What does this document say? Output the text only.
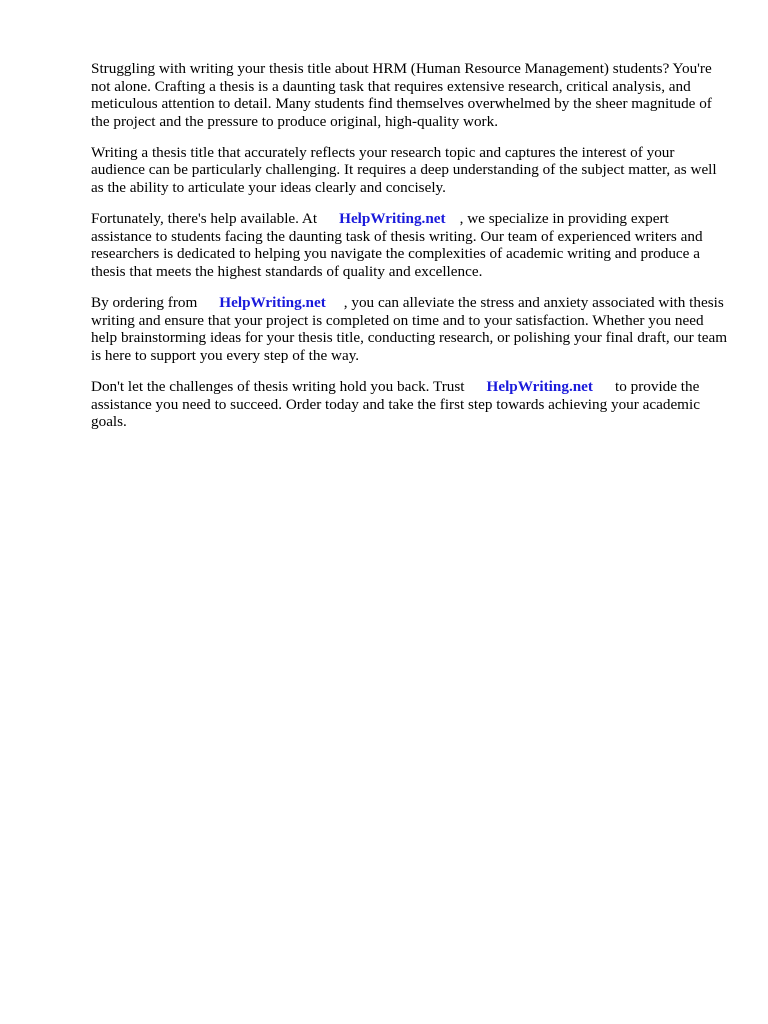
Struggling with writing your thesis title about HRM (Human Resource Management) students? You're not alone. Crafting a thesis is a daunting task that requires extensive research, critical analysis, and meticulous attention to detail. Many students find themselves overwhelmed by the sheer magnitude of the project and the pressure to produce original, high-quality work.

Writing a thesis title that accurately reflects your research topic and captures the interest of your audience can be particularly challenging. It requires a deep understanding of the subject matter, as well as the ability to articulate your ideas clearly and concisely.

Fortunately, there's help available. At HelpWriting.net , we specialize in providing expert assistance to students facing the daunting task of thesis writing. Our team of experienced writers and researchers is dedicated to helping you navigate the complexities of academic writing and produce a thesis that meets the highest standards of quality and excellence.

By ordering from HelpWriting.net , you can alleviate the stress and anxiety associated with thesis writing and ensure that your project is completed on time and to your satisfaction. Whether you need help brainstorming ideas for your thesis title, conducting research, or polishing your final draft, our team is here to support you every step of the way.

Don't let the challenges of thesis writing hold you back. Trust HelpWriting.net to provide the assistance you need to succeed. Order today and take the first step towards achieving your academic goals.
